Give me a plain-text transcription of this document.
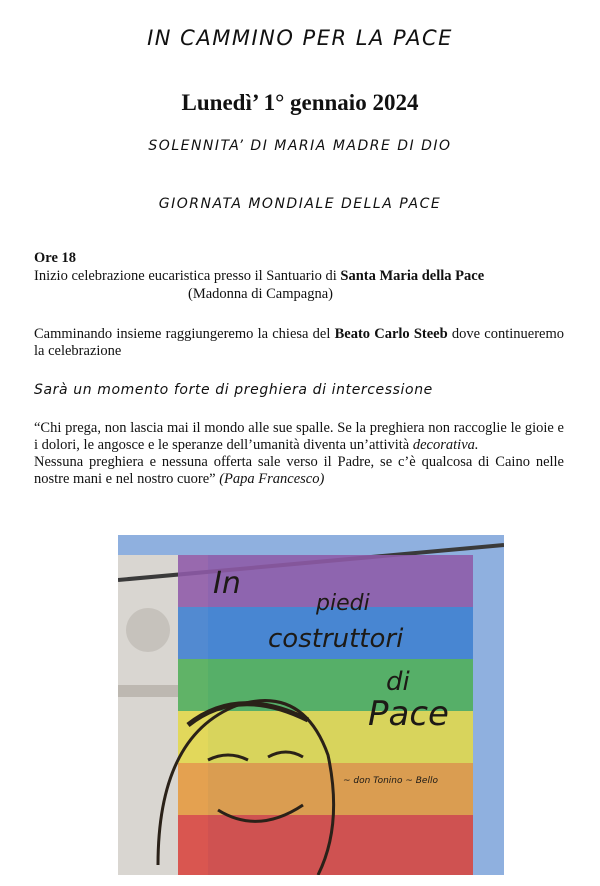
IN CAMMINO PER LA PACE
Lunedì’ 1° gennaio 2024
SOLENNITA’ DI MARIA MADRE DI DIO
GIORNATA MONDIALE DELLA PACE
Ore 18
Inizio celebrazione eucaristica presso il Santuario di Santa Maria della Pace
(Madonna di Campagna)
Camminando insieme raggiungeremo la chiesa del Beato Carlo Steeb dove continueremo la celebrazione
Sarà un momento forte di preghiera di intercessione
“Chi prega, non lascia mai il mondo alle sue spalle. Se la preghiera non raccoglie le gioie e i dolori, le angosce e le speranze dell’umanità diventa un’attività decorativa.
Nessuna preghiera e nessuna offerta sale verso il Padre, se c’è qualcosa di Caino nelle nostre mani e nel nostro cuore” (Papa Francesco)
In
piedi
costruttori
di
Pace
~ don Tonino ~ Bello
